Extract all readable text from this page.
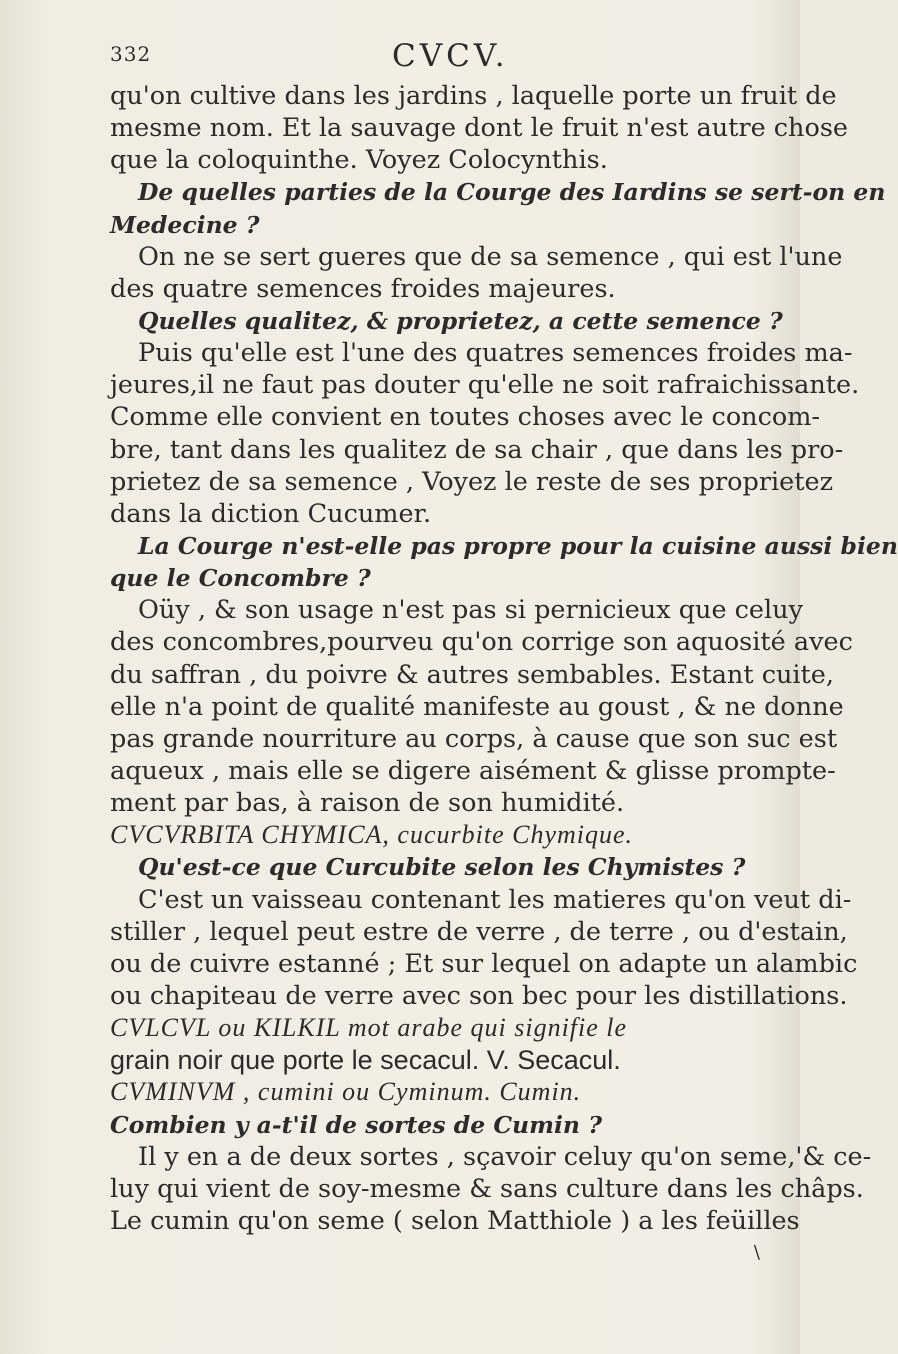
332	CVCV.
qu'on cultive dans les jardins , laquelle porte un fruit de
mesme nom. Et la sauvage dont le fruit n'est autre chose
que la coloquinthe. Voyez Colocynthis.
De quelles parties de la Courge des Iardins se sert-on en
Medecine ?
On ne se sert gueres que de sa semence , qui est l'une
des quatre semences froides majeures.
Quelles qualitez, & proprietez, a cette semence ?
Puis qu'elle est l'une des quatres semences froides ma-
jeures,il ne faut pas douter qu'elle ne soit rafraichissante.
Comme elle convient en toutes choses avec le concom-
bre, tant dans les qualitez de sa chair , que dans les pro-
prietez de sa semence , Voyez le reste de ses proprietez
dans la diction Cucumer.
La Courge n'est-elle pas propre pour la cuisine aussi bien
que le Concombre ?
Oüy , & son usage n'est pas si pernicieux que celuy
des concombres,pourveu qu'on corrige son aquosité avec
du saffran , du poivre & autres sembables. Estant cuite,
elle n'a point de qualité manifeste au goust , & ne donne
pas grande nourriture au corps, à cause que son suc est
aqueux , mais elle se digere aisément & glisse prompte-
ment par bas, à raison de son humidité.
CVCVRBITA CHYMICA, cucurbite Chymique.
Qu'est-ce que Curcubite selon les Chymistes ?
C'est un vaisseau contenant les matieres qu'on veut di-
stiller , lequel peut estre de verre , de terre , ou d'estain,
ou de cuivre estanné ; Et sur lequel on adapte un alambic
ou chapiteau de verre avec son bec pour les distillations.
CVLCVL ou KILKIL mot arabe qui signifie le
grain noir que porte le secacul. V. Secacul.
CVMINVM , cumini ou Cyminum. Cumin.
Combien y a-t'il de sortes de Cumin ?
Il y en a de deux sortes , sçavoir celuy qu'on seme,'& ce-
luy qui vient de soy-mesme & sans culture dans les châps.
Le cumin qu'on seme ( selon Matthiole ) a les feüilles
\
